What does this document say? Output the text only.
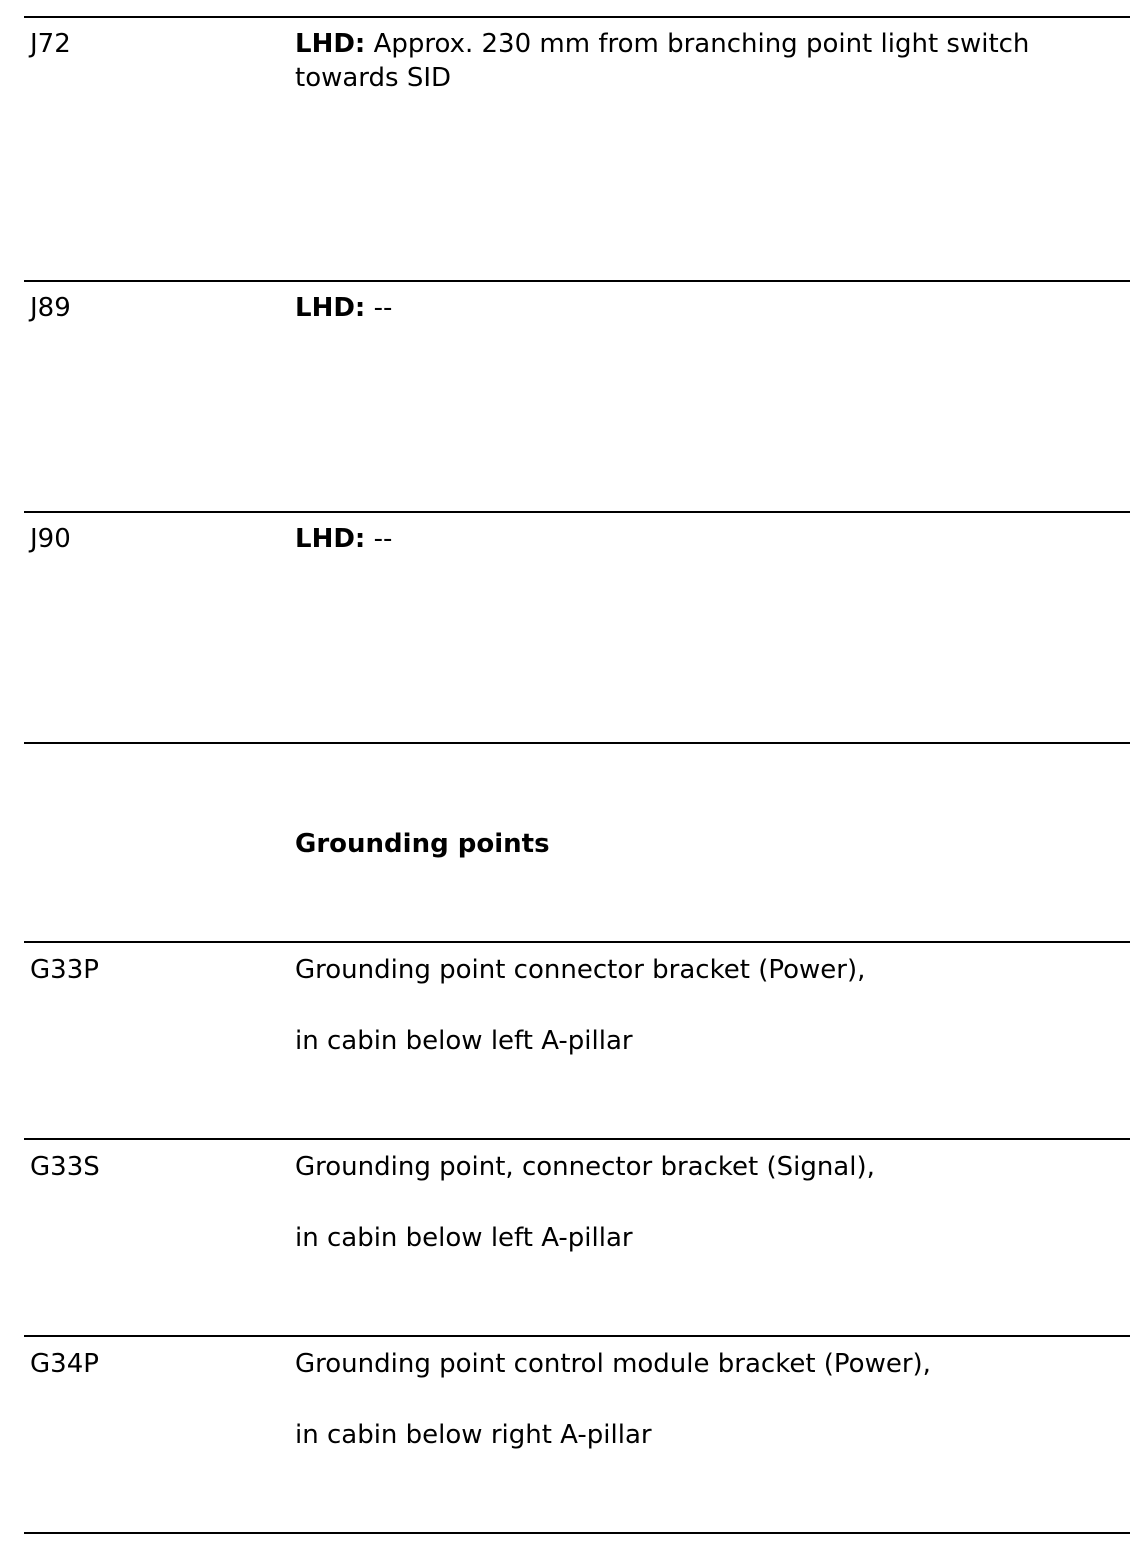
J72	LHD: Approx. 230 mm from branching point light switch towards SID
J89	LHD: --
J90	LHD: --
Grounding points
G33P	Grounding point connector bracket (Power),
in cabin below left A-pillar
G33S	Grounding point, connector bracket (Signal),
in cabin below left A-pillar
G34P	Grounding point control module bracket (Power),
in cabin below right A-pillar
